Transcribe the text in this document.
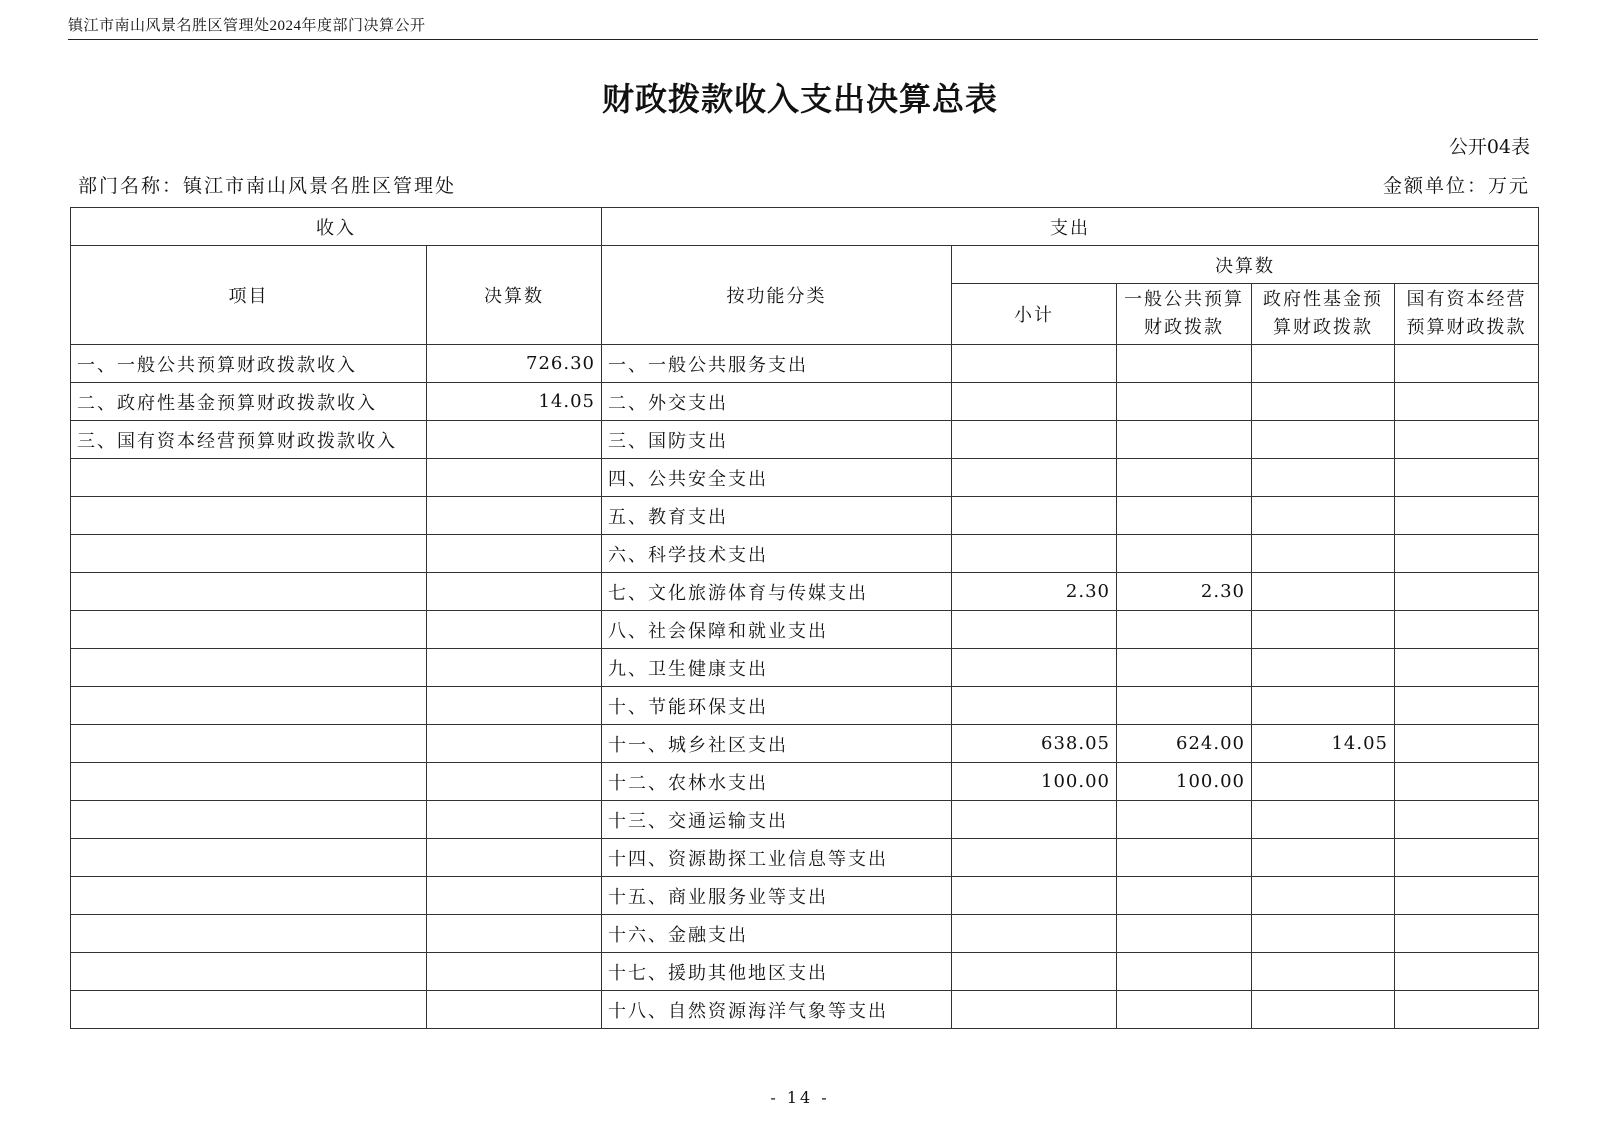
镇江市南山风景名胜区管理处2024年度部门决算公开
财政拨款收入支出决算总表
公开04表
部门名称：镇江市南山风景名胜区管理处	金额单位：万元
收入		支出				
项目	决算数	按功能分类	决算数			
			小计	一般公共预算财政拨款	政府性基金预算财政拨款	国有资本经营预算财政拨款
一、一般公共预算财政拨款收入	726.30	一、一般公共服务支出				
二、政府性基金预算财政拨款收入	14.05	二、外交支出				
三、国有资本经营预算财政拨款收入		三、国防支出				
		四、公共安全支出				
		五、教育支出				
		六、科学技术支出				
		七、文化旅游体育与传媒支出	2.30	2.30		
		八、社会保障和就业支出				
		九、卫生健康支出				
		十、节能环保支出				
		十一、城乡社区支出	638.05	624.00	14.05	
		十二、农林水支出	100.00	100.00		
		十三、交通运输支出				
		十四、资源勘探工业信息等支出				
		十五、商业服务业等支出				
		十六、金融支出				
		十七、援助其他地区支出				
		十八、自然资源海洋气象等支出				
- 14 -
